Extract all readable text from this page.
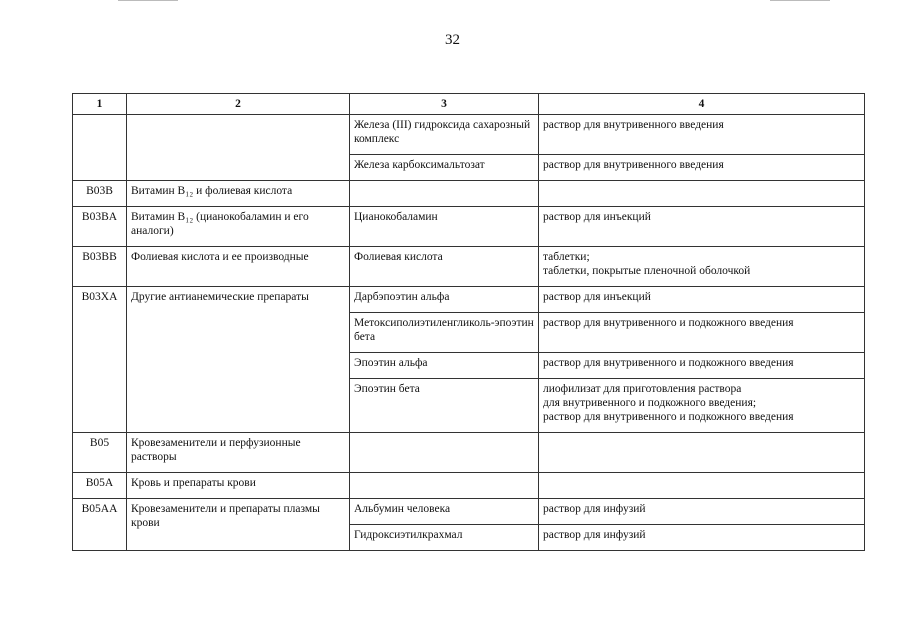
32
1	2	3	4
		Железа (III) гидроксида сахарозный комплекс	раствор для внутривенного введения

		Железа карбоксимальтозат	раствор для внутривенного введения

B03B	Витамин B₁₂ и фолиевая кислота		
B03BA	Витамин B₁₂ (цианокобаламин и его аналоги)	Цианокобаламин	раствор для инъекций

B03BB	Фолиевая кислота и ее производные	Фолиевая кислота	таблетки;
таблетки, покрытые пленочной оболочкой

B03XA	Другие антианемические препараты	Дарбэпоэтин альфа	раствор для инъекций

		Метоксиполиэтиленгликоль-эпоэтин бета	раствор для внутривенного и подкожного введения

		Эпоэтин альфа	раствор для внутривенного и подкожного введения

		Эпоэтин бета	лиофилизат для приготовления раствора
для внутривенного и подкожного введения;
раствор для внутривенного и подкожного введения

B05	Кровезаменители и перфузионные растворы		
B05A	Кровь и препараты крови		
B05AA	Кровезаменители и препараты плазмы крови	Альбумин человека	раствор для инфузий

		Гидроксиэтилкрахмал	раствор для инфузий
